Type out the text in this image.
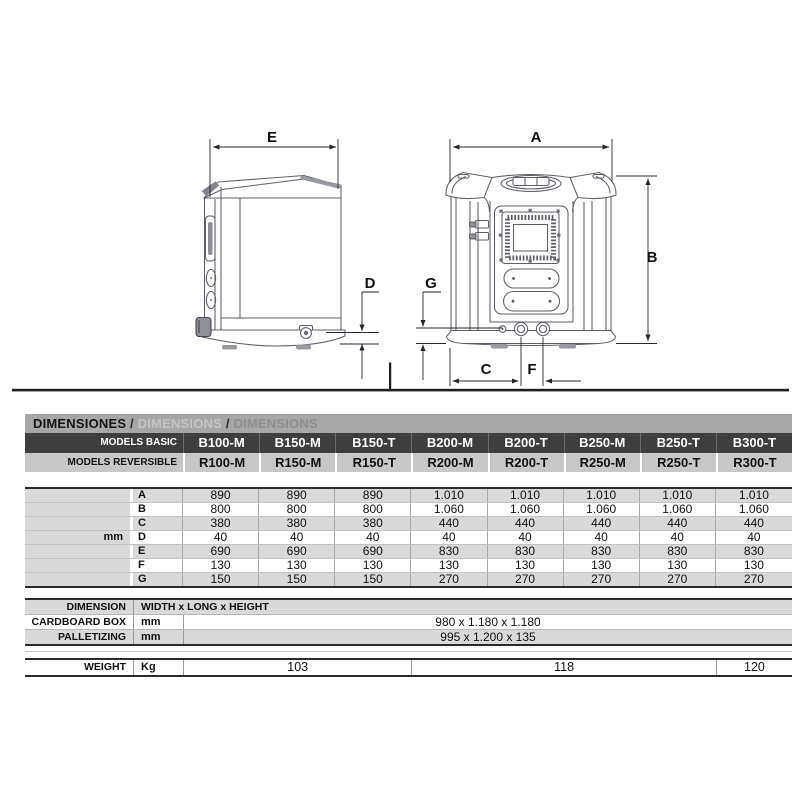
E
D
A
B
G
C F
DIMENSIONES / DIMENSIONS / DIMENSIONS
MODELS BASIC	B100-M	B150-M	B150-T	B200-M	B200-T	B250-M	B250-T	B300-T
MODELS REVERSIBLE	R100-M	R150-M	R150-T	R200-M	R200-T	R250-M	R250-T	R300-T
A	890	890	890	1.010	1.010	1.010	1.010	1.010
B	800	800	800	1.060	1.060	1.060	1.060	1.060
C	380	380	380	440	440	440	440	440
mm	D	40	40	40	40	40	40	40	40
E	690	690	690	830	830	830	830	830
F	130	130	130	130	130	130	130	130
G	150	150	150	270	270	270	270	270
DIMENSION	WIDTH x LONG x HEIGHT
CARDBOARD BOX	mm	980 x 1.180 x 1.180
PALLETIZING	mm	995 x 1.200 x 135
WEIGHT	Kg	103	118	120
